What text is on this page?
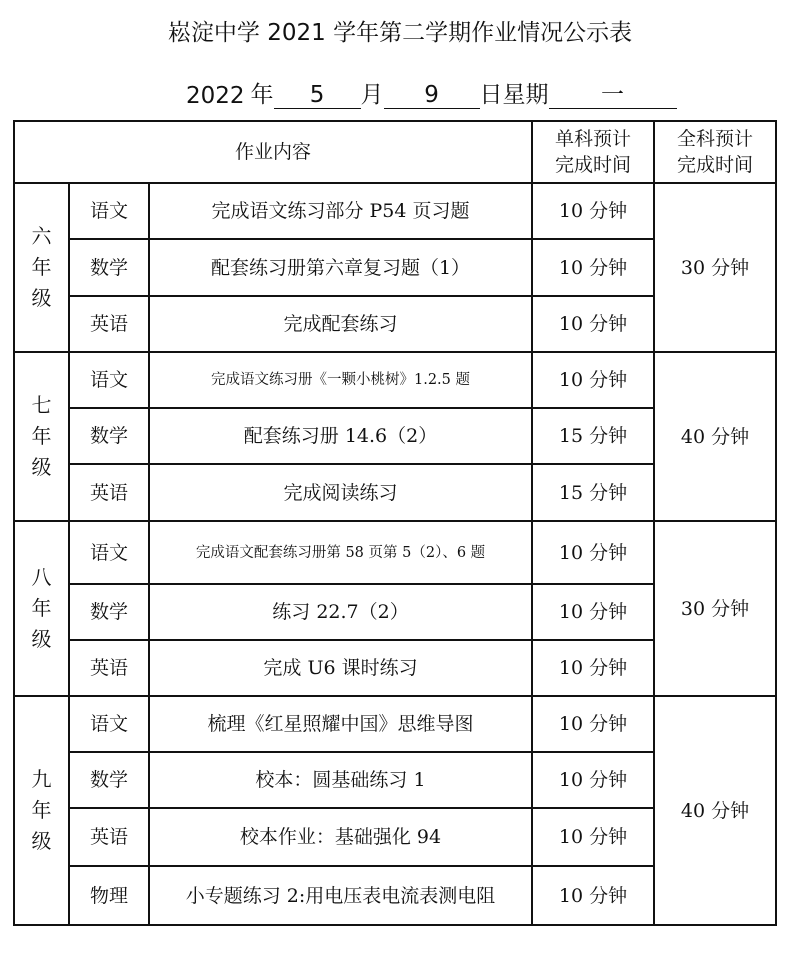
崧淀中学 2021 学年第二学期作业情况公示表
2022 年	5	月	9	日星期	一
作业内容			单科预计完成时间	全科预计完成时间

六年级	语文	完成语文练习部分 P54 页习题	10 分钟	30 分钟
	数学	配套练习册第六章复习题（1）	10 分钟	
	英语	完成配套练习	10 分钟	

七年级	语文	完成语文练习册《一颗小桃树》1.2.5 题	10 分钟	40 分钟
	数学	配套练习册 14.6（2）	15 分钟	
	英语	完成阅读练习	15 分钟	

八年级	语文	完成语文配套练习册第 58 页第 5（2）、6 题	10 分钟	30 分钟
	数学	练习 22.7（2）	10 分钟	
	英语	完成 U6 课时练习	10 分钟	

九年级	语文	梳理《红星照耀中国》思维导图	10 分钟	40 分钟
	数学	校本：圆基础练习 1	10 分钟	
	英语	校本作业：基础强化 94	10 分钟	
	物理	小专题练习 2:用电压表电流表测电阻	10 分钟	
